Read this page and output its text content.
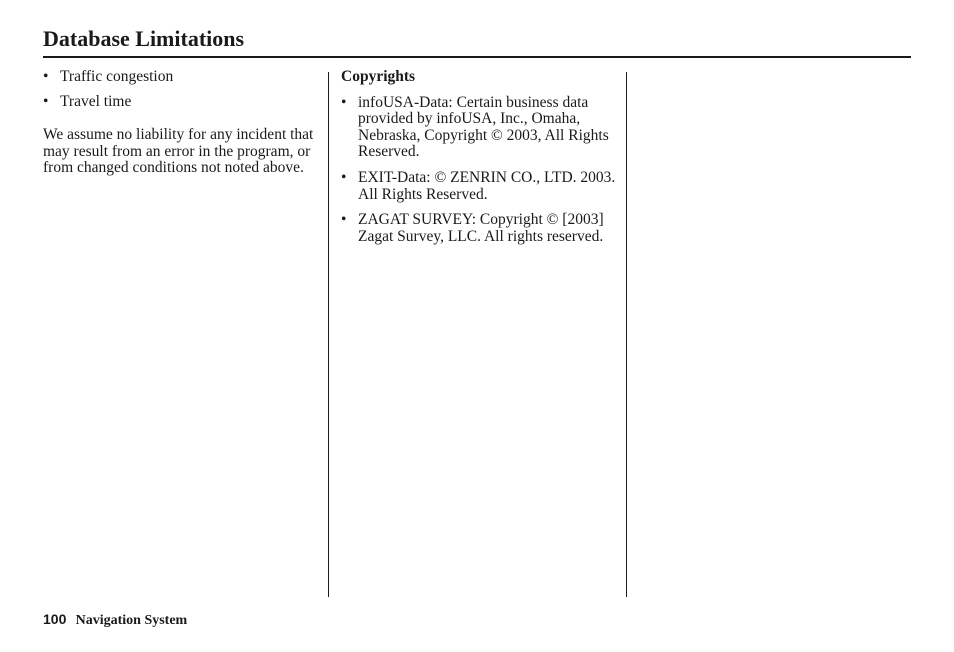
Database Limitations
• Traffic congestion
• Travel time

We assume no liability for any incident that may result from an error in the program, or from changed conditions not noted above.

Copyrights
• infoUSA-Data: Certain business data provided by infoUSA, Inc., Omaha, Nebraska, Copyright © 2003, All Rights Reserved.
• EXIT-Data: © ZENRIN CO., LTD. 2003. All Rights Reserved.
• ZAGAT SURVEY: Copyright © [2003] Zagat Survey, LLC. All rights reserved.
100 Navigation System
